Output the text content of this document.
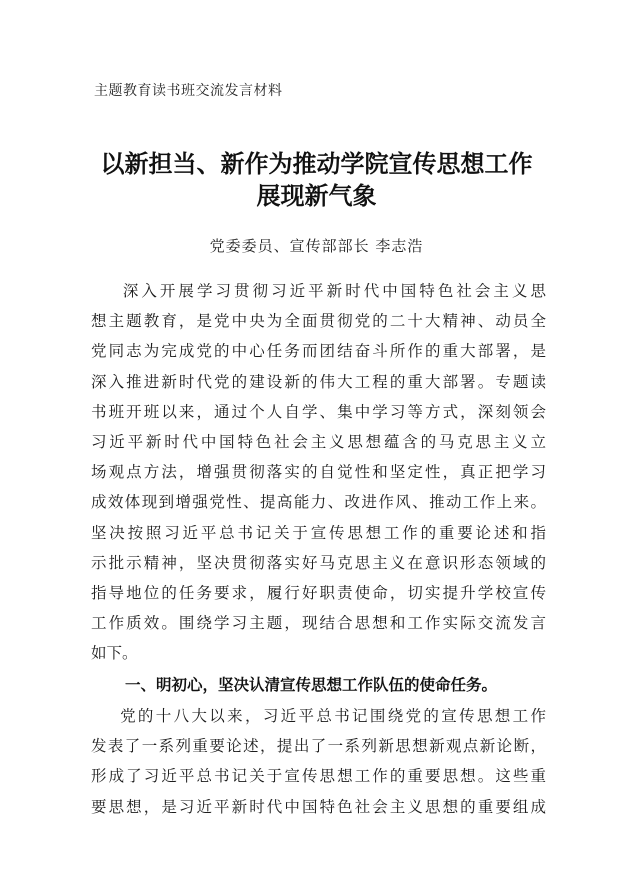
主题教育读书班交流发言材料
以新担当、新作为推动学院宣传思想工作
展现新气象
党委委员、宣传部部长 李志浩
深入开展学习贯彻习近平新时代中国特色社会主义思
想主题教育，是党中央为全面贯彻党的二十大精神、动员全
党同志为完成党的中心任务而团结奋斗所作的重大部署，是
深入推进新时代党的建设新的伟大工程的重大部署。专题读
书班开班以来，通过个人自学、集中学习等方式，深刻领会
习近平新时代中国特色社会主义思想蕴含的马克思主义立
场观点方法，增强贯彻落实的自觉性和坚定性，真正把学习
成效体现到增强党性、提高能力、改进作风、推动工作上来。
坚决按照习近平总书记关于宣传思想工作的重要论述和指
示批示精神，坚决贯彻落实好马克思主义在意识形态领域的
指导地位的任务要求，履行好职责使命，切实提升学校宣传
工作质效。围绕学习主题，现结合思想和工作实际交流发言
如下。
一、明初心，坚决认清宣传思想工作队伍的使命任务。
党的十八大以来，习近平总书记围绕党的宣传思想工作
发表了一系列重要论述，提出了一系列新思想新观点新论断，
形成了习近平总书记关于宣传思想工作的重要思想。这些重
要思想，是习近平新时代中国特色社会主义思想的重要组成
